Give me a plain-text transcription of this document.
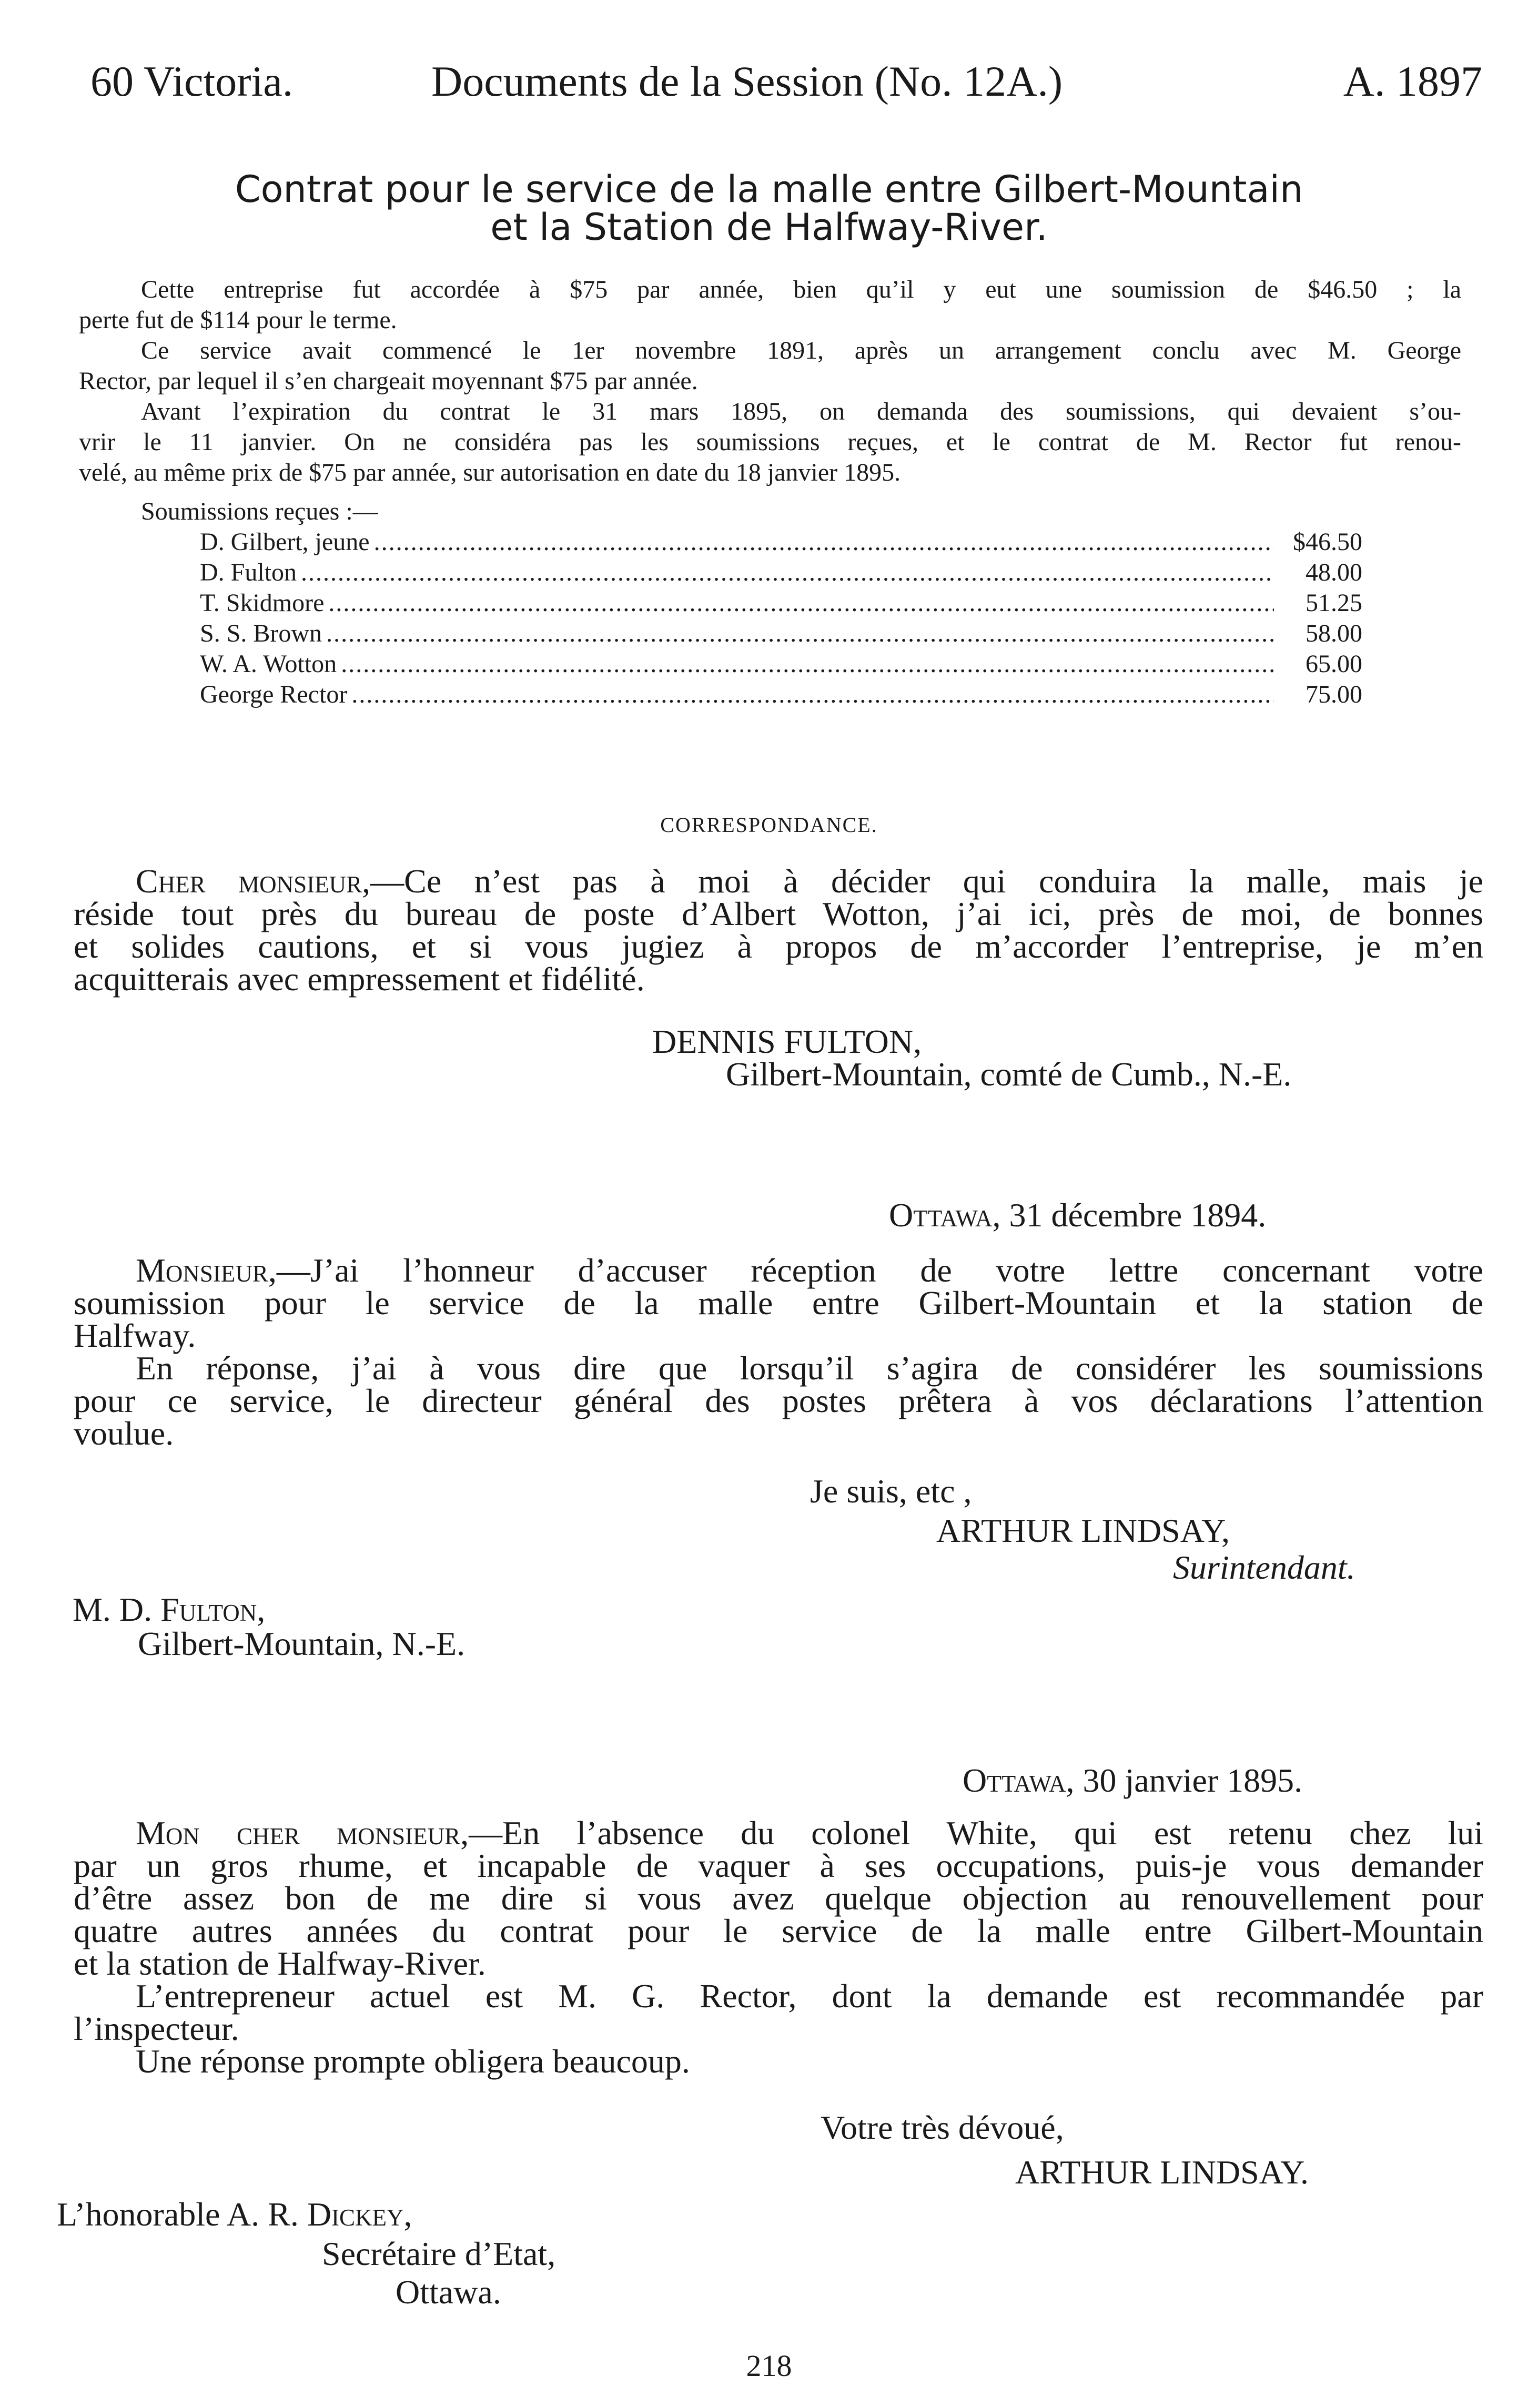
60 Victoria.	Documents de la Session (No. 12A.)	A. 1897
Contrat pour le service de la malle entre Gilbert-Mountain
et la Station de Halfway-River.
Cette entreprise fut accordée à $75 par année, bien qu’il y eut une soumission de $46.50 ; la
perte fut de $114 pour le terme.
Ce service avait commencé le 1er novembre 1891, après un arrangement conclu avec M. George
Rector, par lequel il s’en chargeait moyennant $75 par année.
Avant l’expiration du contrat le 31 mars 1895, on demanda des soumissions, qui devaient s’ou-
vrir le 11 janvier. On ne considéra pas les soumissions reçues, et le contrat de M. Rector fut renou-
velé, au même prix de $75 par année, sur autorisation en date du 18 janvier 1895.
Soumissions reçues :—
D. Gilbert, jeune .....	$46.50
D. Fulton .....	48.00
T. Skidmore .....	51.25
S. S. Brown .....	58.00
W. A. Wotton .....	65.00
George Rector .....	75.00
CORRESPONDANCE.
Cher monsieur,—Ce n’est pas à moi à décider qui conduira la malle, mais je
réside tout près du bureau de poste d’Albert Wotton, j’ai ici, près de moi, de bonnes
et solides cautions, et si vous jugiez à propos de m’accorder l’entreprise, je m’en
acquitterais avec empressement et fidélité.
DENNIS FULTON,
Gilbert-Mountain, comté de Cumb., N.-E.
Ottawa, 31 décembre 1894.
Monsieur,—J’ai l’honneur d’accuser réception de votre lettre concernant votre
soumission pour le service de la malle entre Gilbert-Mountain et la station de
Halfway.
En réponse, j’ai à vous dire que lorsqu’il s’agira de considérer les soumissions
pour ce service, le directeur général des postes prêtera à vos déclarations l’attention
voulue.
Je suis, etc ,
ARTHUR LINDSAY,
Surintendant.
M. D. Fulton,
Gilbert-Mountain, N.-E.
Ottawa, 30 janvier 1895.
Mon cher monsieur,—En l’absence du colonel White, qui est retenu chez lui
par un gros rhume, et incapable de vaquer à ses occupations, puis-je vous demander
d’être assez bon de me dire si vous avez quelque objection au renouvellement pour
quatre autres années du contrat pour le service de la malle entre Gilbert-Mountain
et la station de Halfway-River.
L’entrepreneur actuel est M. G. Rector, dont la demande est recommandée par
l’inspecteur.
Une réponse prompte obligera beaucoup.
Votre très dévoué,
ARTHUR LINDSAY.
L’honorable A. R. Dickey,
Secrétaire d’Etat,
Ottawa.
218
